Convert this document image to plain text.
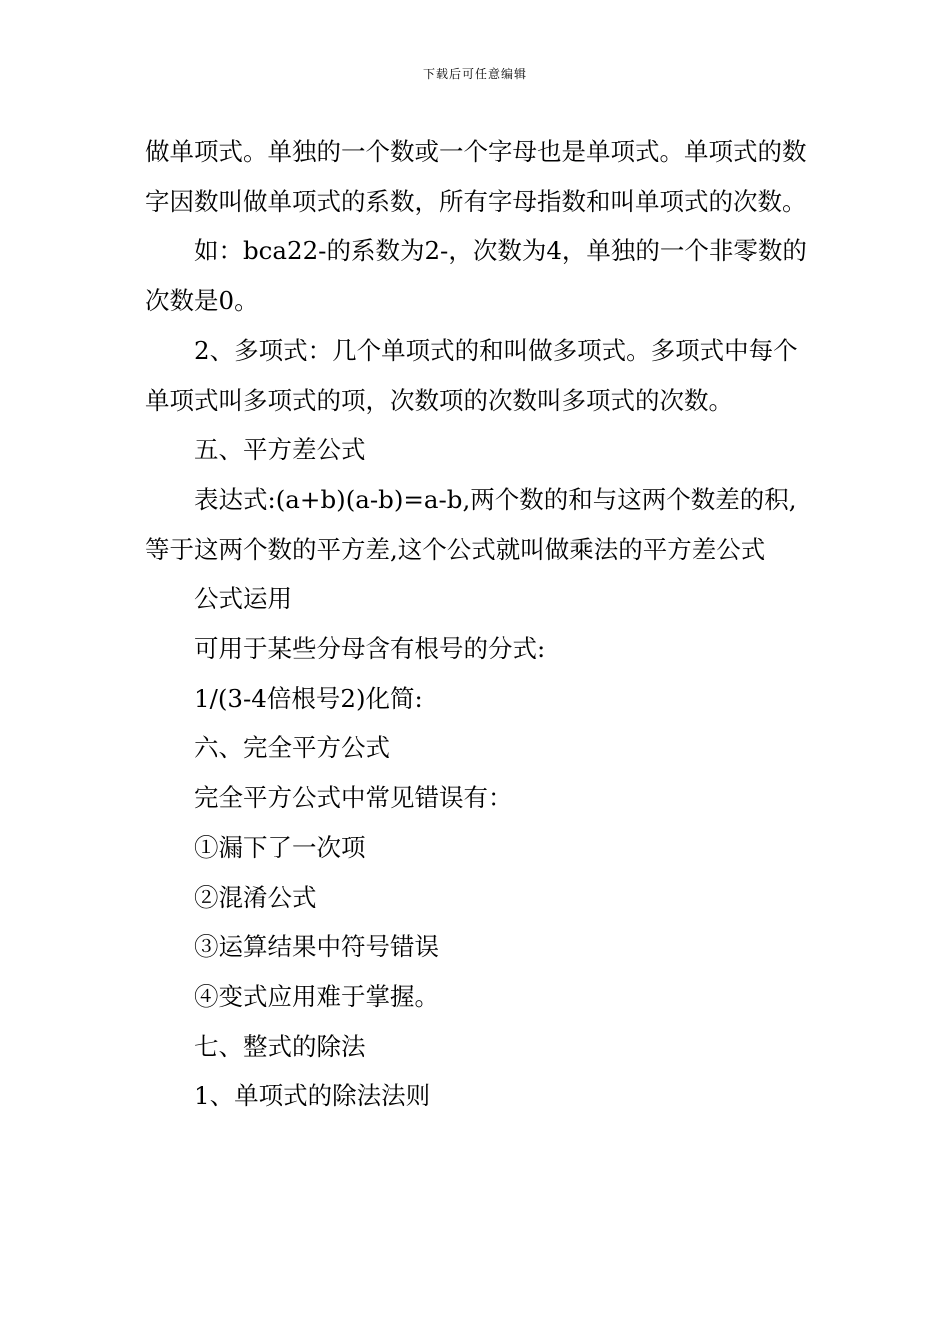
下载后可任意编辑

做单项式。单独的一个数或一个字母也是单项式。单项式的数字因数叫做单项式的系数，所有字母指数和叫单项式的次数。

如：bca22-的系数为2-，次数为4，单独的一个非零数的次数是0。

2、多项式：几个单项式的和叫做多项式。多项式中每个单项式叫多项式的项，次数项的次数叫多项式的次数。

五、平方差公式

表达式:(a+b)(a-b)=a-b,两个数的和与这两个数差的积,等于这两个数的平方差,这个公式就叫做乘法的平方差公式

公式运用

可用于某些分母含有根号的分式:

1/(3-4倍根号2)化简:

六、完全平方公式

完全平方公式中常见错误有：

①漏下了一次项

②混淆公式

③运算结果中符号错误

④变式应用难于掌握。

七、整式的除法

1、单项式的除法法则
